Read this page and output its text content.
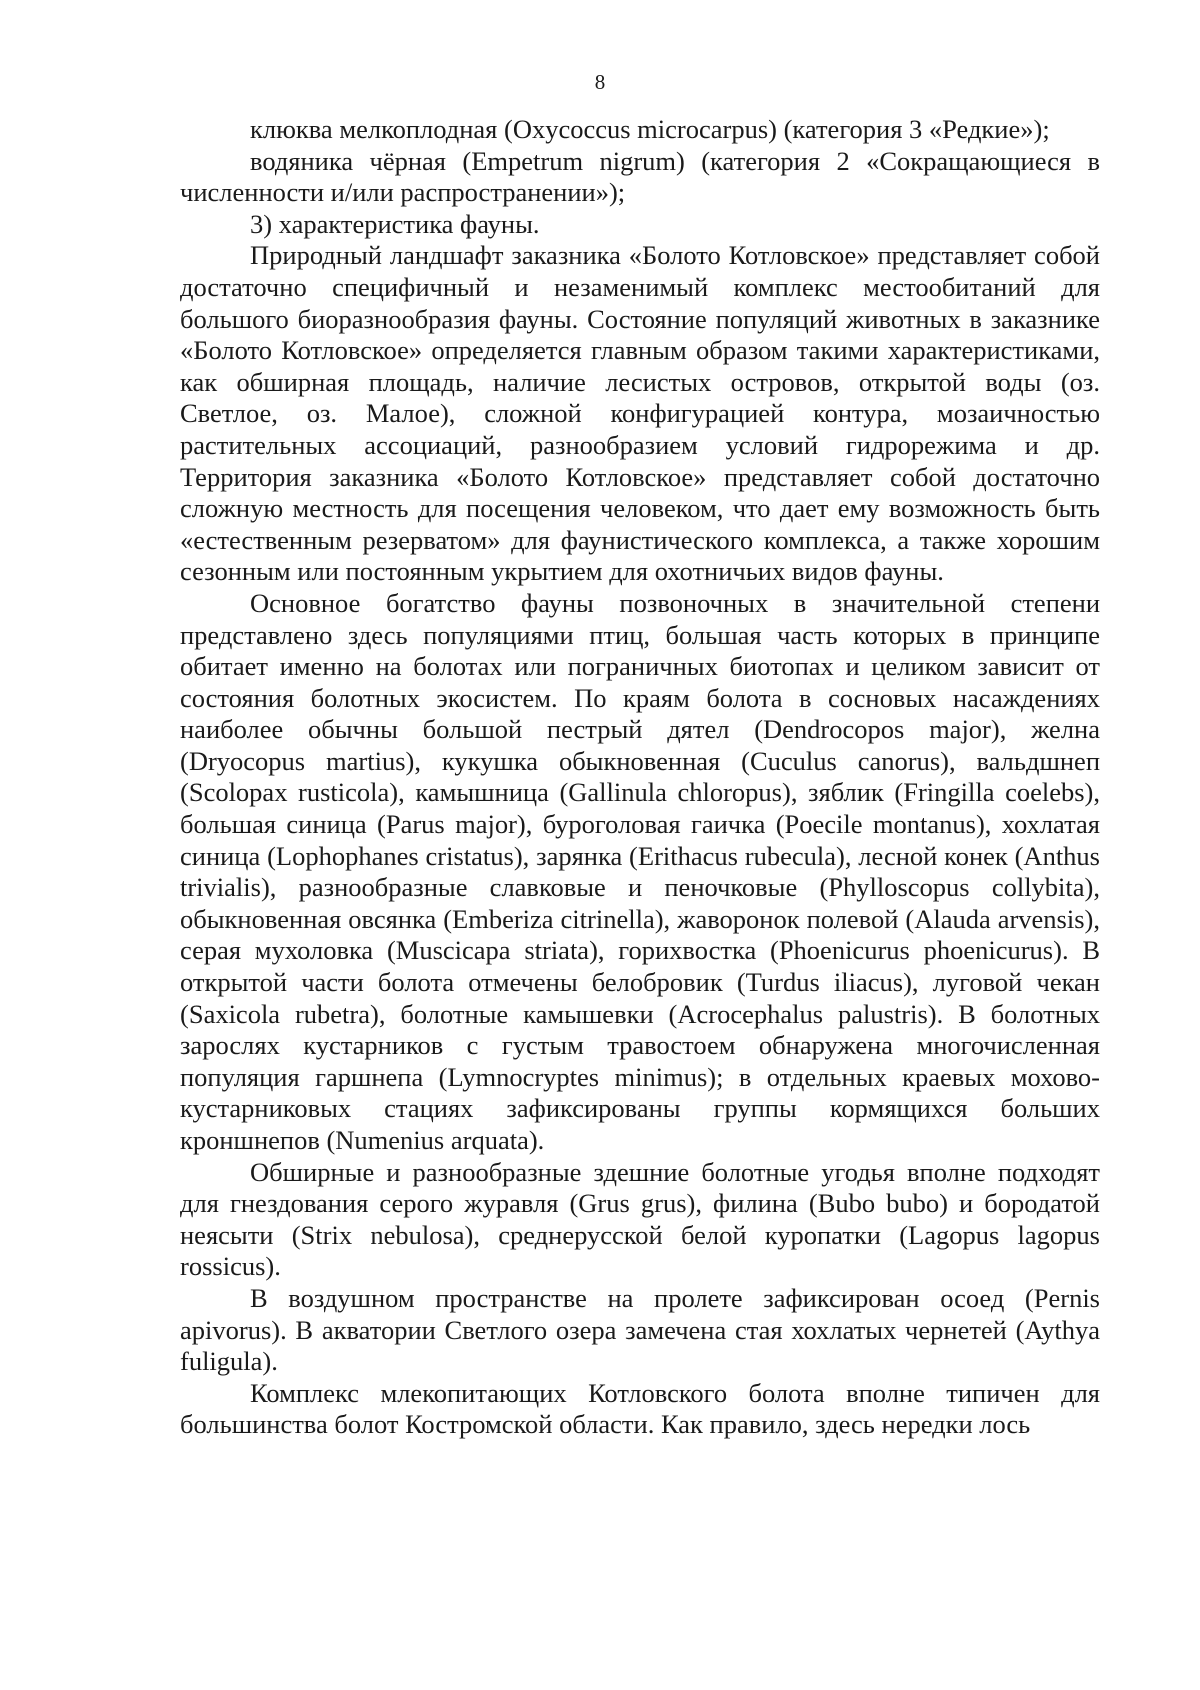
8

клюква мелкоплодная (Oxycoccus microcarpus) (категория 3 «Редкие»);

водяника чёрная (Empetrum nigrum) (категория 2 «Сокращающиеся в численности и/или распространении»);

3) характеристика фауны.

Природный ландшафт заказника «Болото Котловское» представляет собой достаточно специфичный и незаменимый комплекс местообитаний для большого биоразнообразия фауны. Состояние популяций животных в заказнике «Болото Котловское» определяется главным образом такими характеристиками, как обширная площадь, наличие лесистых островов, открытой воды (оз. Светлое, оз. Малое), сложной конфигурацией контура, мозаичностью растительных ассоциаций, разнообразием условий гидрорежима и др. Территория заказника «Болото Котловское» представляет собой достаточно сложную местность для посещения человеком, что дает ему возможность быть «естественным резерватом» для фаунистического комплекса, а также хорошим сезонным или постоянным укрытием для охотничьих видов фауны.

Основное богатство фауны позвоночных в значительной степени представлено здесь популяциями птиц, большая часть которых в принципе обитает именно на болотах или пограничных биотопах и целиком зависит от состояния болотных экосистем. По краям болота в сосновых насаждениях наиболее обычны большой пестрый дятел (Dendrocopos major), желна (Dryocopus martius), кукушка обыкновенная (Cuculus canorus), вальдшнеп (Scolopax rusticola), камышница (Gallinula chloropus), зяблик (Fringilla coelebs), большая синица (Parus major), буроголовая гаичка (Poecile montanus), хохлатая синица (Lophophanes cristatus), зарянка (Erithacus rubecula), лесной конек (Anthus trivialis), разнообразные славковые и пеночковые (Phylloscopus collybita), обыкновенная овсянка (Emberiza citrinella), жаворонок полевой (Alauda arvensis), серая мухоловка (Muscicapa striata), горихвостка (Phoenicurus phoenicurus). В открытой части болота отмечены белобровик (Turdus iliacus), луговой чекан (Saxicola rubetra), болотные камышевки (Acrocephalus palustris). В болотных зарослях кустарников с густым травостоем обнаружена многочисленная популяция гаршнепа (Lymnocryptes minimus); в отдельных краевых мохово-кустарниковых стациях зафиксированы группы кормящихся больших кроншнепов (Numenius arquata).

Обширные и разнообразные здешние болотные угодья вполне подходят для гнездования серого журавля (Grus grus), филина (Bubo bubo) и бородатой неясыти (Strix nebulosa), среднерусской белой куропатки (Lagopus lagopus rossicus).

В воздушном пространстве на пролете зафиксирован осоед (Pernis apivorus). В акватории Светлого озера замечена стая хохлатых чернетей (Aythya fuligula).

Комплекс млекопитающих Котловского болота вполне типичен для большинства болот Костромской области. Как правило, здесь нередки лось
